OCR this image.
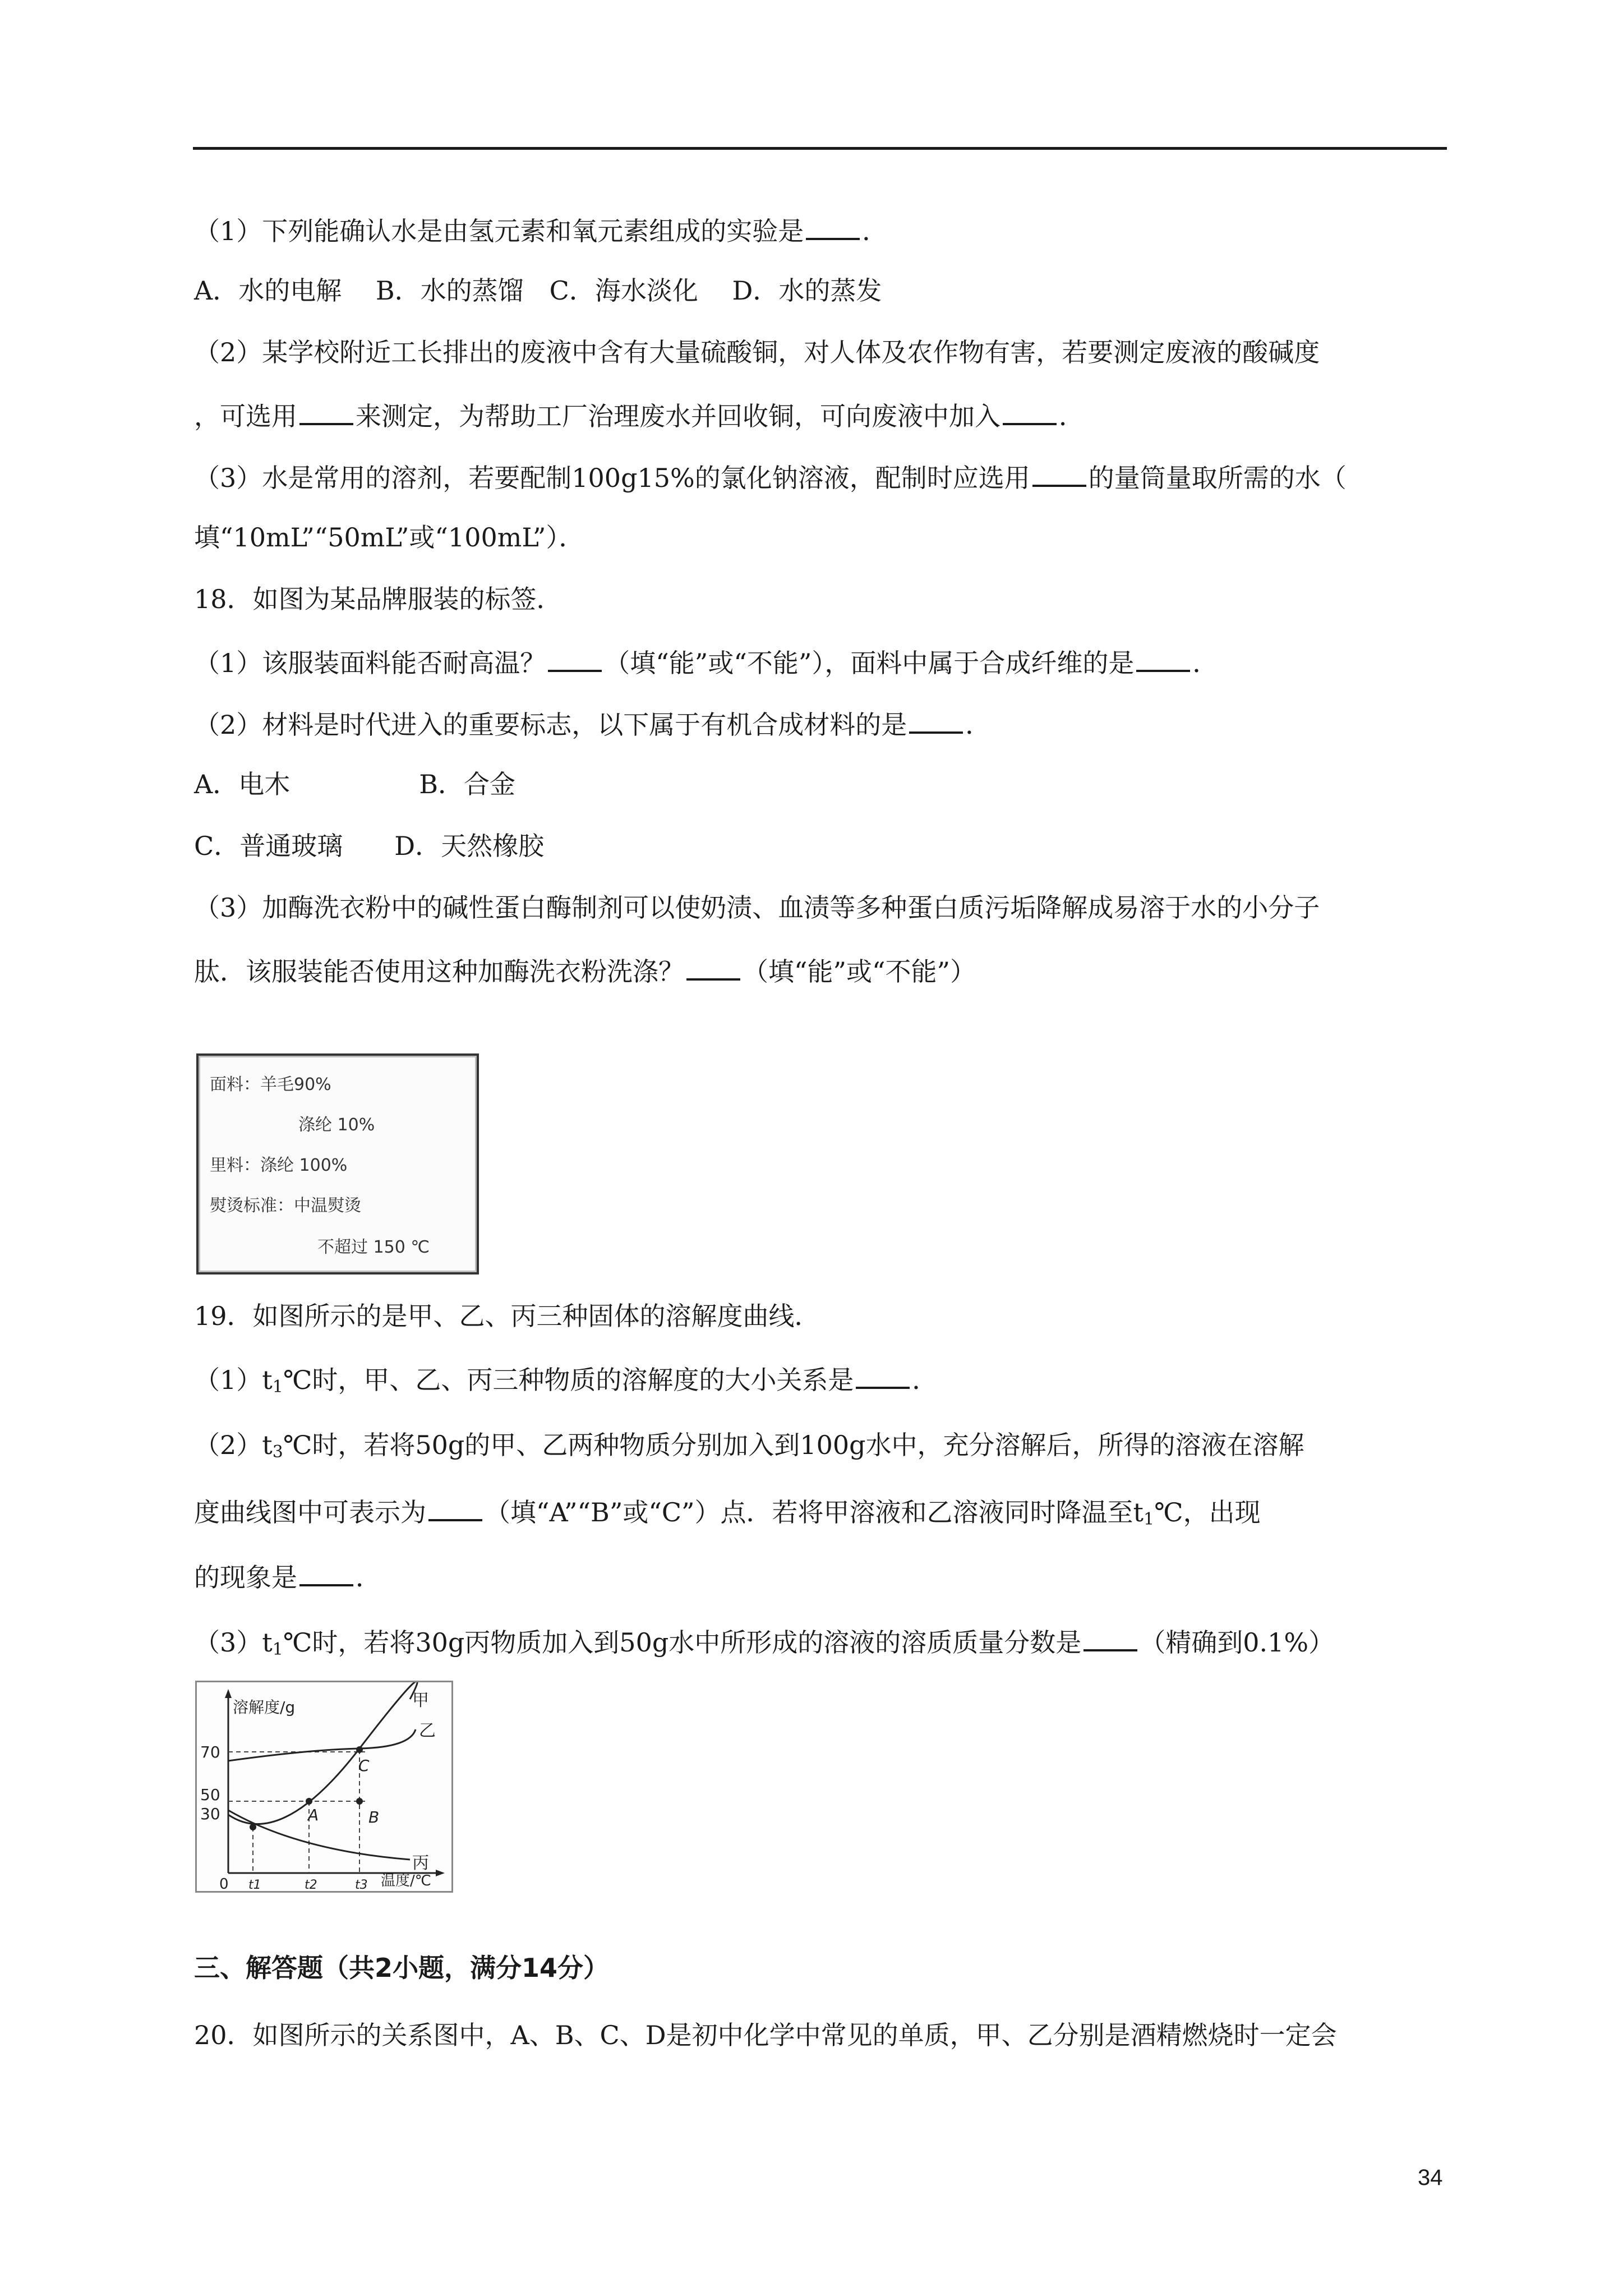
（1）下列能确认水是由氢元素和氧元素组成的实验是 ．
A．水的电解　 B．水的蒸馏　C．海水淡化　 D．水的蒸发
（2）某学校附近工长排出的废液中含有大量硫酸铜，对人体及农作物有害，若要测定废液的酸碱度
，可选用 来测定，为帮助工厂治理废水并回收铜，可向废液中加入 ．
（3）水是常用的溶剂，若要配制100g15%的氯化钠溶液，配制时应选用 的量筒量取所需的水（
填“10mL”“50mL”或“100mL”）．
18．如图为某品牌服装的标签．
（1）该服装面料能否耐高温？ （填“能”或“不能”），面料中属于合成纤维的是 ．
（2）材料是时代进入的重要标志，以下属于有机合成材料的是 ．
A．电木	B．合金
C．普通玻璃　　D．天然橡胶
（3）加酶洗衣粉中的碱性蛋白酶制剂可以使奶渍、血渍等多种蛋白质污垢降解成易溶于水的小分子
肽．该服装能否使用这种加酶洗衣粉洗涤？ （填“能”或“不能”）
面料：羊毛90%
涤纶 10%
里料：涤纶 100%
熨烫标准：中温熨烫
不超过 150 ℃
19．如图所示的是甲、乙、丙三种固体的溶解度曲线．
$(1)t_1℃$时，甲、乙、丙三种物质的溶解度的大小关系是 ．
$(2)t_3℃$时，若将50g的甲、乙两种物质分别加入到100g水中，充分溶解后，所得的溶液在溶解
度曲线图中可表示为 （填“A”“B”或“C”）点．若将甲溶液和乙溶液同时降温至$t_1℃$，出现
的现象是 ．
$(3)t_1℃$时，若将30g丙物质加入到50g水中所形成的溶液的溶质质量分数是 （精确到0.1%）
溶解度/g
温度/℃
0
70
50
30
t1	t2	t3
甲
乙
丙
A	B
C
三、解答题（共2小题，满分14分）
20．如图所示的关系图中，A、B、C、D是初中化学中常见的单质，甲、乙分别是酒精燃烧时一定会
34
